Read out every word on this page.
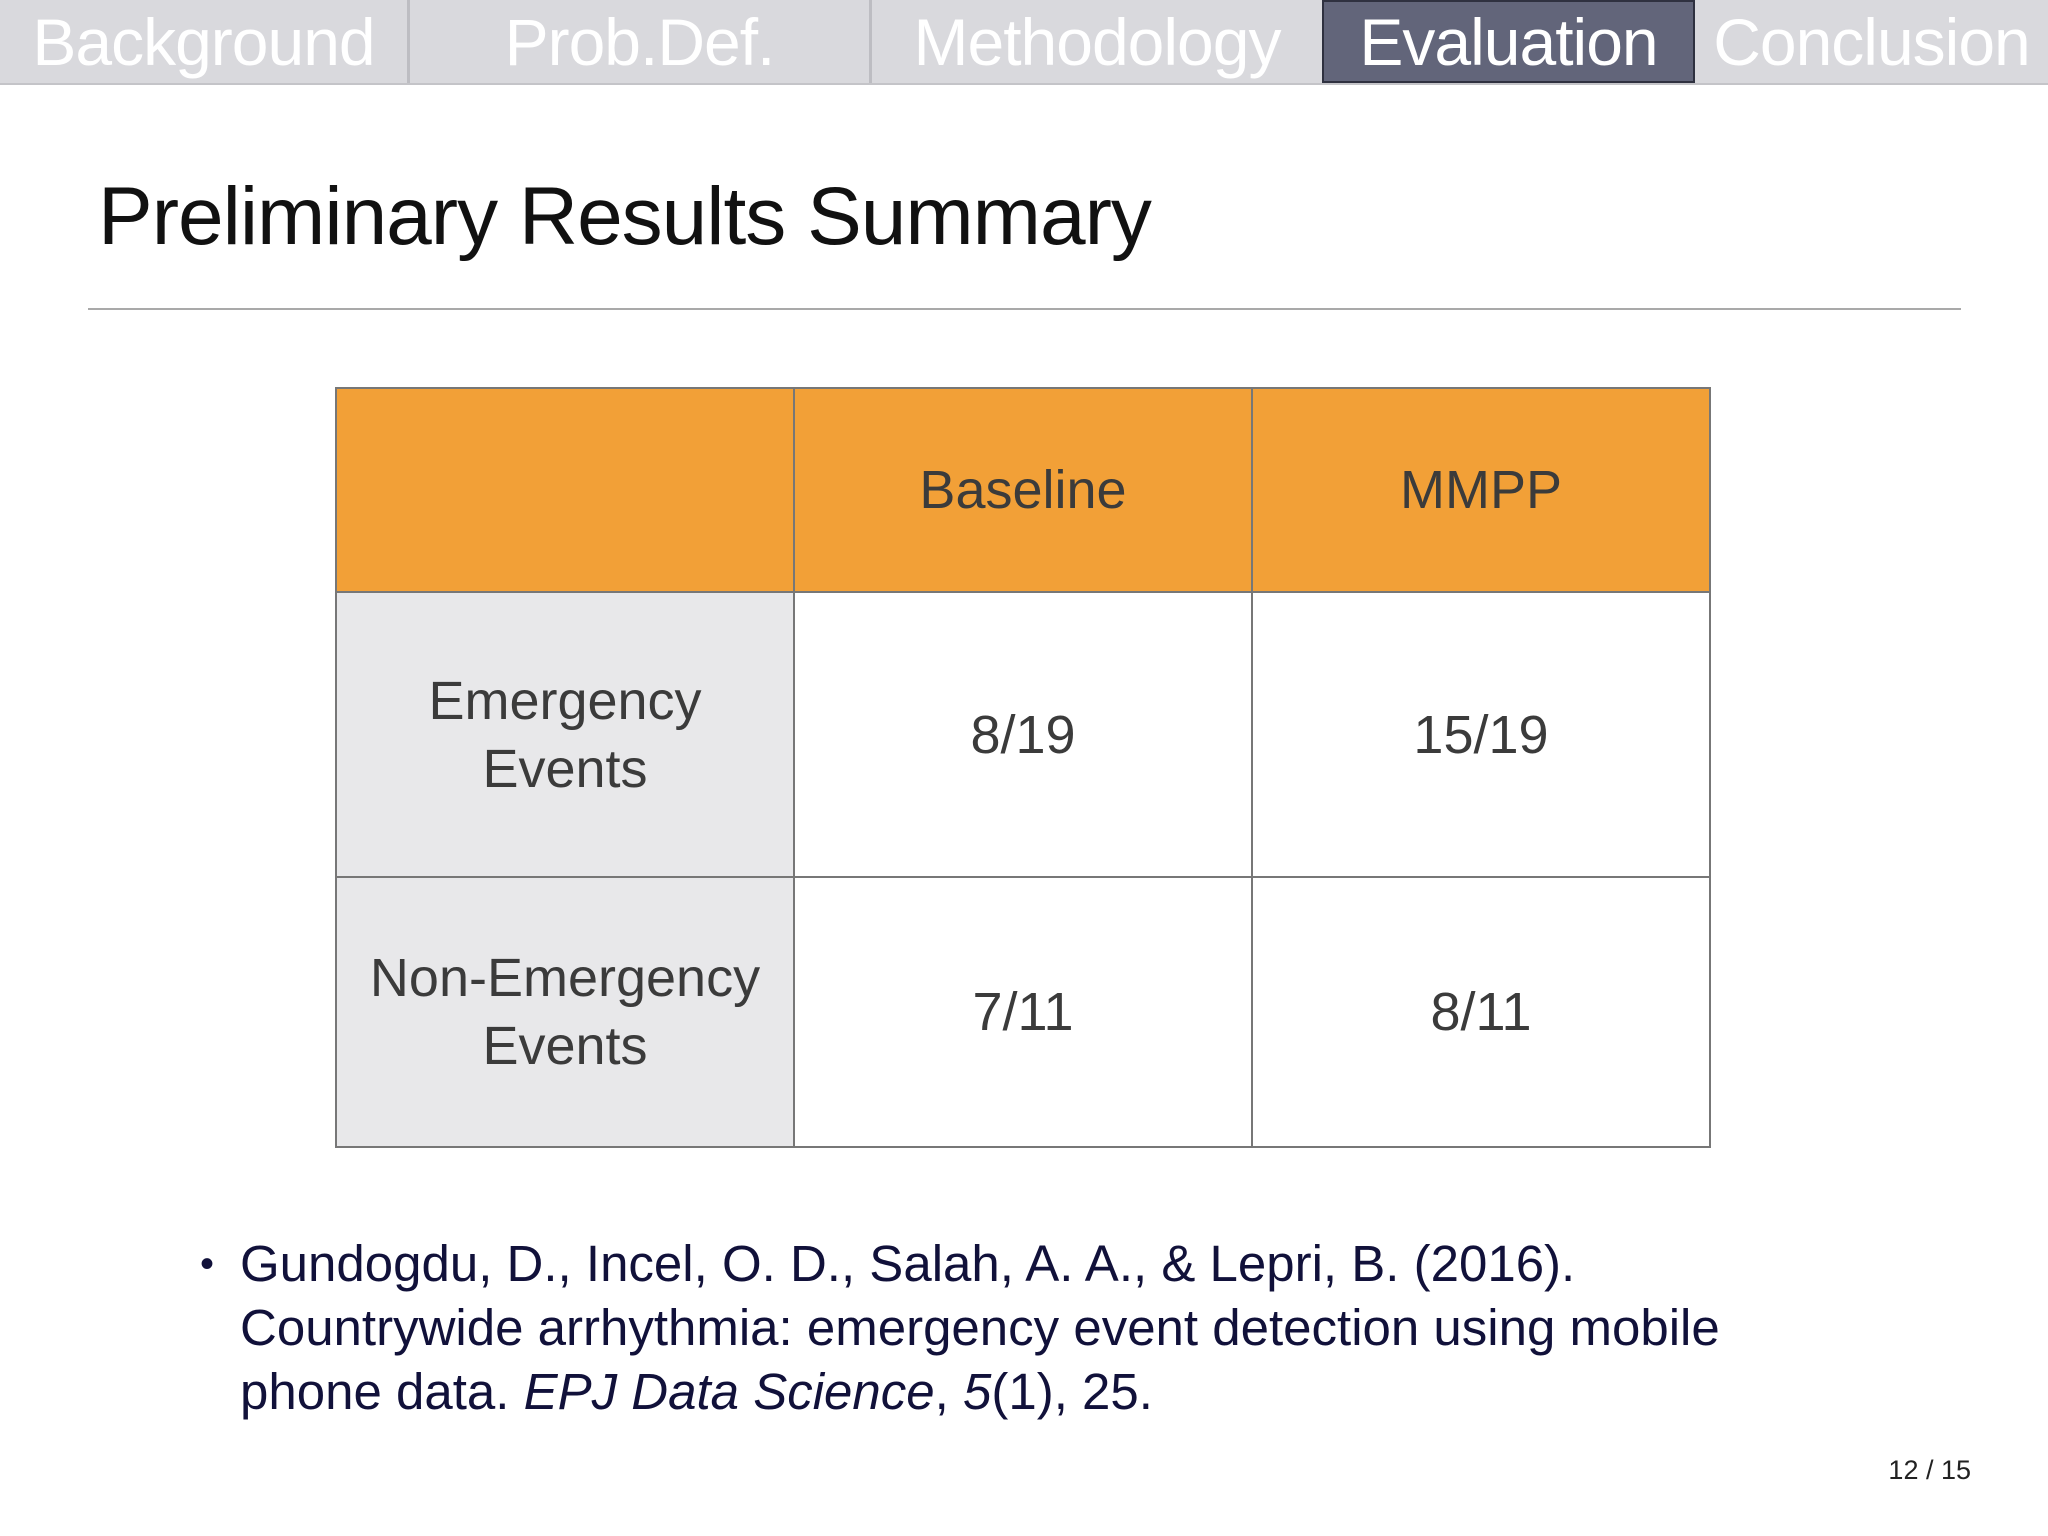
Background	Prob.Def.	Methodology	Evaluation Conclusion
Preliminary Results Summary
	Baseline	MMPP

Emergency
Events	8/19	15/19

Non-Emergency
Events	7/11	8/11
• Gundogdu, D., Incel, O. D., Salah, A. A., & Lepri, B. (2016). Countrywide arrhythmia: emergency event detection using mobile phone data. EPJ Data Science, 5(1), 25.
12 / 15
